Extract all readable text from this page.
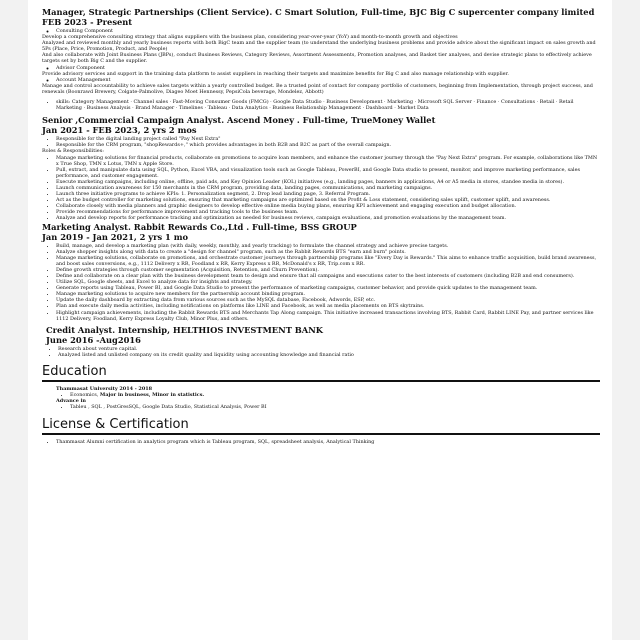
Manager, Strategic Partnerships (Client Service). C Smart Solution, Full-time, BJC Big C supercenter company limited
FEB 2023 - Present
◦ Consulting Component
Develop a comprehensive consulting strategy that aligns suppliers with the business plan, considering year-over-year (YoY) and month-to-month growth and objectives
Analyzed and reviewed monthly and yearly business reports with both BigC team and the supplier team (to understand the underlying business problems and provide advice about the significant impact on sales growth and 5Ps (Place, Price, Promotion, Product, and People)
And also collaborate with Joint Business Plans (JBPs), conduct Business Reviews, Category Reviews, Assortment Assessments, Promotion analyses, and Basket tier analyses, and devise strategic plans to effectively achieve targets set by both Big C and the supplier.
◦ Advisor Component
Provide advisory services and support in the training data platform to assist suppliers in reaching their targets and maximize benefits for Big C and also manage relationship with supplier.
◦ Account Management
Manage and control accountability to achieve sales targets within a yearly controlled budget. Be a trusted point of contact for company portfolio of customers, beginning from Implementation, through project success, and renewals (Boonrawd Brewery, Colgate-Palmolive, Diageo Moet Hennessy, PepsiCola beverage, Mondelez, Abbott)
• skills: Category Management · Channel sales · Fast-Moving Consumer Goods (FMCG) · Google Data Studio · Business Development · Marketing · Microsoft SQL Server · Finance · Consultations · Retail · Retail Marketing · Business Analysis · Brand Manager · Timelines · Tableau · Data Analytics · Business Relationship Management · Dashboard · Market Data
Senior ,Commercial Campaign Analyst. Ascend Money . Full-time, TrueMoney Wallet
Jan 2021 - FEB 2023, 2 yrs 2 mos
• Responsible for the digital landing project called "Pay Next Extra"
• Responsible for the CRM program, "shopRewards+," which provides advantages in both B2B and B2C as part of the overall campaign.
Roles & Responsibilities:
• Manage marketing solutions for financial products, collaborate on promotions to acquire loan members, and enhance the customer journey through the "Pay Next Extra" program. For example, collaborations like TMN x True Shop, TMN x Lotus, TMN x Apple Store.
• Pull, extract, and manipulate data using SQL, Python, Excel VBA, and visualization tools such as Google Tableau, PowerBI, and Google Data studio to present, monitor, and improve marketing performance, sales performance, and customer engagement.
• Execute marketing campaigns, including online, offline, paid ads, and Key Opinion Leader (KOL) initiatives (e.g., landing pages, banners in applications, A4 or A5 media in stores, standee media in stores).
• Launch communication awareness for 150 merchants in the CRM program, providing data, landing pages, communications, and marketing campaigns.
• Launch three initiative programs to achieve KPIs: 1. Personalization segment, 2. Drop lead landing page, 3. Referral Program.
• Act as the budget controller for marketing solutions, ensuring that marketing campaigns are optimized based on the Profit & Loss statement, considering sales uplift, customer uplift, and awareness.
• Collaborate closely with media planners and graphic designers to develop effective online media buying plans, ensuring KPI achievement and engaging execution and budget allocation.
• Provide recommendations for performance improvement and tracking tools to the business team.
• Analyze and develop reports for performance tracking and optimization as needed for business reviews, campaign evaluations, and promotion evaluations by the management team.
Marketing Analyst. Rabbit Rewards Co.,Ltd . Full-time, BSS GROUP
Jan 2019 - Jan 2021, 2 yrs 1 mo
• Build, manage, and develop a marketing plan (with daily, weekly, monthly, and yearly tracking) to formulate the channel strategy and achieve precise targets.
• Analyze shopper insights along with data to create a "design for channel" program, such as the Rabbit Rewards BTS "earn and burn" points.
• Manage marketing solutions, collaborate on promotions, and orchestrate customer journeys through partnership programs like "Every Day is Rewards." This aims to enhance traffic acquisition, build brand awareness, and boost sales conversions, e.g., 1112 Delivery x RR, Foodland x RR, Kerry Express x RR, McDonald's x RR, Trip.com x RR.
• Define growth strategies through customer segmentation (Acquisition, Retention, and Churn Prevention).
• Define and collaborate on a clear plan with the business development team to design and ensure that all campaigns and executions cater to the best interests of customers (including B2B and end consumers).
• Utilize SQL, Google sheets, and Excel to analyze data for insights and strategy.
• Generate reports using Tableau, Power BI, and Google Data Studio to present the performance of marketing campaigns, customer behavior, and provide quick updates to the management team.
• Manage marketing solutions to acquire new members for the partnership account binding program.
• Update the daily dashboard by extracting data from various sources such as the MySQL database, Facebook, Adwords, ESP, etc.
• Plan and execute daily media activities, including notifications on platforms like LINE and Facebook, as well as media placements on BTS skytrains.
• Highlight campaign achievements, including the Rabbit Rewards BTS and Merchants Tap Along campaign. This initiative increased transactions involving BTS, Rabbit Card, Rabbit LINE Pay, and partner services like 1112 Delivery, Foodland, Kerry Express Loyalty Club, Minor Plus, and others.
Credit Analyst. Internship, HELTHIOS INVESTMENT BANK
June 2016 -Aug2016
• Research about venture capital.
• Analyzed listed and unlisted company on its credit quality and liquidity using accounting knowledge and financial ratio
Education
Thammasat University 2014 - 2018
• Economics, Major in business, Minor in statistics.
Advance in
• Tableu , SQL , PostGresSQL, Google Data Studio, Statistical Analysis, Power BI
License & Certification
• Thammasat Alumni certification in analytics program which is Tableau program, SQL, spreadsheet analysis, Analytical Thinking
